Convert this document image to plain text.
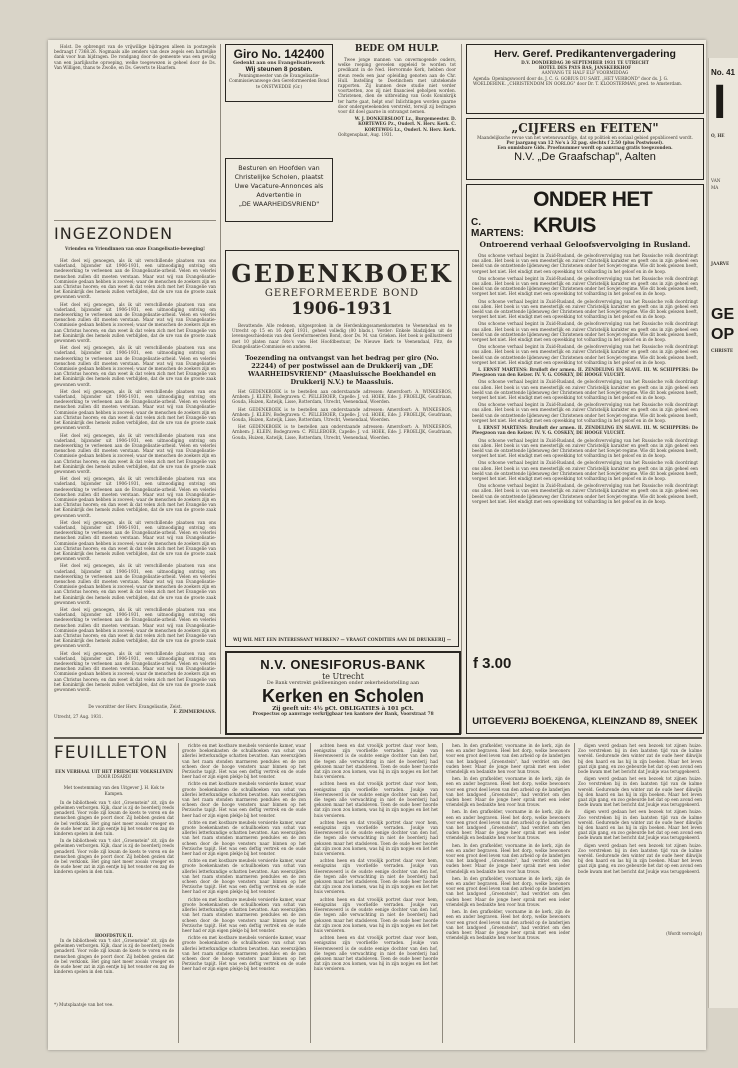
Holst. De opbrengst van de vrijwillige bijdragen alleen in postzegels bedraagt f 7368.26. Nogmaals alle zenders van deze zegels een hartelijke dank voor hun bijdragen. De rondgang door de gemeente was een gevolg van een jaarlijksche oproeping, welke toegewezen is geheel door de Ds. Van Willigen, thans te Zwolle, en Ds. Geverts te Haarlem.

INGEZONDEN
Vrienden en Vriendinnen van onze Evangelisatie-beweging!

Het doel wij genoegen, als ik uit verschillende plaatsen van ons vaderland, bijzonder uit 1906-1931, een uitnoodiging ontving om medewerking te verleenen aan de Evangelisatie-arbeid. Velen en velerlei menschen zullen dit moeten verstaan. Maar wat wij van Evangelisatie-Commissie gedaan hebben is zooveel; waar de menschen de zoekers zijn en aan Christus hooren; en dan weet ik dat velen zich met het Evangelie van het Koninkrijk des hemels zullen verblijden, dat de ure van de groote zaak gewonnen wordt.

Het doel wij genoegen, als ik uit verschillende plaatsen van ons vaderland, bijzonder uit 1906-1931, een uitnoodiging ontving om medewerking te verleenen aan de Evangelisatie-arbeid. Velen en velerlei menschen zullen dit moeten verstaan. Maar wat wij van Evangelisatie-Commissie gedaan hebben is zooveel; waar de menschen de zoekers zijn en aan Christus hooren; en dan weet ik dat velen zich met het Evangelie van het Koninkrijk des hemels zullen verblijden, dat de ure van de groote zaak gewonnen wordt.

Het doel wij genoegen, als ik uit verschillende plaatsen van ons vaderland, bijzonder uit 1906-1931, een uitnoodiging ontving om medewerking te verleenen aan de Evangelisatie-arbeid. Velen en velerlei menschen zullen dit moeten verstaan. Maar wat wij van Evangelisatie-Commissie gedaan hebben is zooveel; waar de menschen de zoekers zijn en aan Christus hooren; en dan weet ik dat velen zich met het Evangelie van het Koninkrijk des hemels zullen verblijden, dat de ure van de groote zaak gewonnen wordt.

Het doel wij genoegen, als ik uit verschillende plaatsen van ons vaderland, bijzonder uit 1906-1931, een uitnoodiging ontving om medewerking te verleenen aan de Evangelisatie-arbeid. Velen en velerlei menschen zullen dit moeten verstaan. Maar wat wij van Evangelisatie-Commissie gedaan hebben is zooveel; waar de menschen de zoekers zijn en aan Christus hooren; en dan weet ik dat velen zich met het Evangelie van het Koninkrijk des hemels zullen verblijden, dat de ure van de groote zaak gewonnen wordt.

Het doel wij genoegen, als ik uit verschillende plaatsen van ons vaderland, bijzonder uit 1906-1931, een uitnoodiging ontving om medewerking te verleenen aan de Evangelisatie-arbeid. Velen en velerlei menschen zullen dit moeten verstaan. Maar wat wij van Evangelisatie-Commissie gedaan hebben is zooveel; waar de menschen de zoekers zijn en aan Christus hooren; en dan weet ik dat velen zich met het Evangelie van het Koninkrijk des hemels zullen verblijden, dat de ure van de groote zaak gewonnen wordt.

Het doel wij genoegen, als ik uit verschillende plaatsen van ons vaderland, bijzonder uit 1906-1931, een uitnoodiging ontving om medewerking te verleenen aan de Evangelisatie-arbeid. Velen en velerlei menschen zullen dit moeten verstaan. Maar wat wij van Evangelisatie-Commissie gedaan hebben is zooveel; waar de menschen de zoekers zijn en aan Christus hooren; en dan weet ik dat velen zich met het Evangelie van het Koninkrijk des hemels zullen verblijden, dat de ure van de groote zaak gewonnen wordt.

Het doel wij genoegen, als ik uit verschillende plaatsen van ons vaderland, bijzonder uit 1906-1931, een uitnoodiging ontving om medewerking te verleenen aan de Evangelisatie-arbeid. Velen en velerlei menschen zullen dit moeten verstaan. Maar wat wij van Evangelisatie-Commissie gedaan hebben is zooveel; waar de menschen de zoekers zijn en aan Christus hooren; en dan weet ik dat velen zich met het Evangelie van het Koninkrijk des hemels zullen verblijden, dat de ure van de groote zaak gewonnen wordt.

Het doel wij genoegen, als ik uit verschillende plaatsen van ons vaderland, bijzonder uit 1906-1931, een uitnoodiging ontving om medewerking te verleenen aan de Evangelisatie-arbeid. Velen en velerlei menschen zullen dit moeten verstaan. Maar wat wij van Evangelisatie-Commissie gedaan hebben is zooveel; waar de menschen de zoekers zijn en aan Christus hooren; en dan weet ik dat velen zich met het Evangelie van het Koninkrijk des hemels zullen verblijden, dat de ure van de groote zaak gewonnen wordt.

Het doel wij genoegen, als ik uit verschillende plaatsen van ons vaderland, bijzonder uit 1906-1931, een uitnoodiging ontving om medewerking te verleenen aan de Evangelisatie-arbeid. Velen en velerlei menschen zullen dit moeten verstaan. Maar wat wij van Evangelisatie-Commissie gedaan hebben is zooveel; waar de menschen de zoekers zijn en aan Christus hooren; en dan weet ik dat velen zich met het Evangelie van het Koninkrijk des hemels zullen verblijden, dat de ure van de groote zaak gewonnen wordt.

Het doel wij genoegen, als ik uit verschillende plaatsen van ons vaderland, bijzonder uit 1906-1931, een uitnoodiging ontving om medewerking te verleenen aan de Evangelisatie-arbeid. Velen en velerlei menschen zullen dit moeten verstaan. Maar wat wij van Evangelisatie-Commissie gedaan hebben is zooveel; waar de menschen de zoekers zijn en aan Christus hooren; en dan weet ik dat velen zich met het Evangelie van het Koninkrijk des hemels zullen verblijden, dat de ure van de groote zaak gewonnen wordt.

De voorzitter der Herv. Evangelisatie, Zeist.
F. ZIMMERMANS.
Utrecht, 27 Aug. 1931.
Giro No. 142400
Gedenkt aan ons Evangelisatiewerk
Wij steunen 8 posten.
Penningmeester van de Evangelisatie-Commissievanwege den Gereformeerden Bond te ONSTWEDDE (Gr.)
Besturen en Hoofden van
Christelijke Scholen, plaatst
Uwe Vacature-Annonces als
Advertentie in
„DE WAARHEIDSVRIEND"
BEDE OM HULP.

Twee jonge mannen van onvermogende ouders, welke roeping gevoelen opgeleid te worden tot predikant in de Ned. Hervormde Kerk, hebben door steun reeds een jaar opleiding genoten aan de Chr. Hull. Instelling te Doetinchem met uitstekende rapporten. Zij kunnen deze studie niet verder voortzetten, zoo zij niet financieel geholpen worden. Christenen, dien de uitbreiding van Gods Koninkrijk ter harte gaat, helpt ons! Inlichtingen worden gaarne door ondergeteekenden verstrekt, terwijl zij bedragen voor dit doel gaarne in ontvangst nemen.

W. J. DONKERSLOOT Lz., Burgemeester. D. KORTEWEG Pz., Ouderl. N. Herv. Kerk. C. KORTEWEG Lz., Ouderl. N. Herv. Kerk.
Ooltgensplaat, Aug. 1931.
GEDENKBOEK
GEREFORMEERDE BOND
1906-1931

Bevattende: Alle redenen, uitgesproken in de Herdenkingssamenkomsten te Veenendaal en te Utrecht op 15 en 16 April 1931, geheel volledig (80 blads.). Verder: Enkele bladzijden uit de levensgeschiedenis van den Gereformeerden Bond, door Ds. M. van Grieken. Het boek is geïllustreerd met 10 platen naar foto's van: Het Hoofdbestuur, De Nieuwe Kerk te Veenendaal, Fitz, de Evangelisatie-Commissie en anderen.

Toezending na ontvangst van het bedrag per giro (No. 22244) of per postwissel aan de Drukkerij van „DE WAARHEIDSVRIEND" (Maasluissche Boekhandel en Drukkerij N.V.) te Maassluis.

Het GEDENKBOEK is te bestellen aan onderstaande adressen: Amersfoort: A. WINKESBOS, Arnhem: J. KLEIN, Bodegraven: C. PELLEBOER, Capelle: J. v.d. HOEK, Ede: J. FROELIJK, Goudriaan, Gouda, Huizen, Katwijk, Lisse, Rotterdam, Utrecht, Veenendaal, Woerden.

Het GEDENKBOEK is te bestellen aan onderstaande adressen: Amersfoort: A. WINKESBOS, Arnhem: J. KLEIN, Bodegraven: C. PELLEBOER, Capelle: J. v.d. HOEK, Ede: J. FROELIJK, Goudriaan, Gouda, Huizen, Katwijk, Lisse, Rotterdam, Utrecht, Veenendaal, Woerden.

Het GEDENKBOEK is te bestellen aan onderstaande adressen: Amersfoort: A. WINKESBOS, Arnhem: J. KLEIN, Bodegraven: C. PELLEBOER, Capelle: J. v.d. HOEK, Ede: J. FROELIJK, Goudriaan, Gouda, Huizen, Katwijk, Lisse, Rotterdam, Utrecht, Veenendaal, Woerden.

WIJ WIL MET EEN INTERESSANT WERKEN? — VRAAGT CONDITIES AAN DE DRUKKERIJ —
N.V. ONESIFORUS-BANK
te Utrecht
De Bank verstrekt geldleeningen onder zekerheidsstelling aan
Kerken en Scholen
Zij geeft uit: 4½ pCt. OBLIGATIES à 101 pCt.
Prospectus op aanvrage verkrijgbaar ten kantore der Bank, Voorstraat 78
Herv. Geref. Predikantenvergadering
D.V. DONDERDAG 30 SEPTEMBER 1931 TE UTRECHT
HOTEL DES PAYS BAS, JANSKERKHOF
AANVANG TE HALF ELF VOORMIDDAG
Agenda: Openingswoord door ds. J. C. G. GOBIUS DU SART. „HET VERBOND" door ds. J. G. WOELDERINK. „CHRISTENDOM EN OORLOG" door Dr. T. KLOOSTERMAN, pred. te Amsterdam.
„CIJFERS en FEITEN"
Maandelijksche revue van het wetenswaardige, dat op politiek en sociaal gebied gepubliceerd wordt.
Per jaargang van 12 No's à 32 pag. slechts f 2.50 (plus Postwissel).
Een onmisbare Gids. Proefnummer wordt op aanvraag gratis toegezonden.
N.V. „De Graafschap", Aalten
C. MARTENS:
ONDER HET KRUIS
Ontroerend verhaal Geloofsvervolging in Rusland.

Ons schoone verhaal begint in Zuid-Rusland, de geloofsvervolging van het Russische volk doordringt ons allen. Het boek is van een meesterlijk en zuiver Christelijk karakter en geeft ons in zijn geheel een beeld van de ontzettende lijdensweg der Christenen onder het Sowjet-regime. Wie dit boek gelezen heeft, vergeet het niet. Het eindigt met een opwekking tot volharding in het geloof en in de hoop.

Ons schoone verhaal begint in Zuid-Rusland, de geloofsvervolging van het Russische volk doordringt ons allen. Het boek is van een meesterlijk en zuiver Christelijk karakter en geeft ons in zijn geheel een beeld van de ontzettende lijdensweg der Christenen onder het Sowjet-regime. Wie dit boek gelezen heeft, vergeet het niet. Het eindigt met een opwekking tot volharding in het geloof en in de hoop.

Ons schoone verhaal begint in Zuid-Rusland, de geloofsvervolging van het Russische volk doordringt ons allen. Het boek is van een meesterlijk en zuiver Christelijk karakter en geeft ons in zijn geheel een beeld van de ontzettende lijdensweg der Christenen onder het Sowjet-regime. Wie dit boek gelezen heeft, vergeet het niet. Het eindigt met een opwekking tot volharding in het geloof en in de hoop.

Ons schoone verhaal begint in Zuid-Rusland, de geloofsvervolging van het Russische volk doordringt ons allen. Het boek is van een meesterlijk en zuiver Christelijk karakter en geeft ons in zijn geheel een beeld van de ontzettende lijdensweg der Christenen onder het Sowjet-regime. Wie dit boek gelezen heeft, vergeet het niet. Het eindigt met een opwekking tot volharding in het geloof en in de hoop.

Ons schoone verhaal begint in Zuid-Rusland, de geloofsvervolging van het Russische volk doordringt ons allen. Het boek is van een meesterlijk en zuiver Christelijk karakter en geeft ons in zijn geheel een beeld van de ontzettende lijdensweg der Christenen onder het Sowjet-regime. Wie dit boek gelezen heeft, vergeet het niet. Het eindigt met een opwekking tot volharding in het geloof en in de hoop.

I. ERNST MARTENS: Bruiloft der armen. II. ZENDELING EN SLAVE. III. W. SCHIPPERS: De Pleegzoon van den Keizer. IV. V. G. COSKEY, DE HOOGE VLUCHT.

Ons schoone verhaal begint in Zuid-Rusland, de geloofsvervolging van het Russische volk doordringt ons allen. Het boek is van een meesterlijk en zuiver Christelijk karakter en geeft ons in zijn geheel een beeld van de ontzettende lijdensweg der Christenen onder het Sowjet-regime. Wie dit boek gelezen heeft, vergeet het niet. Het eindigt met een opwekking tot volharding in het geloof en in de hoop.

Ons schoone verhaal begint in Zuid-Rusland, de geloofsvervolging van het Russische volk doordringt ons allen. Het boek is van een meesterlijk en zuiver Christelijk karakter en geeft ons in zijn geheel een beeld van de ontzettende lijdensweg der Christenen onder het Sowjet-regime. Wie dit boek gelezen heeft, vergeet het niet. Het eindigt met een opwekking tot volharding in het geloof en in de hoop.

I. ERNST MARTENS: Bruiloft der armen. II. ZENDELING EN SLAVE. III. W. SCHIPPERS: De Pleegzoon van den Keizer. IV. V. G. COSKEY, DE HOOGE VLUCHT.

Ons schoone verhaal begint in Zuid-Rusland, de geloofsvervolging van het Russische volk doordringt ons allen. Het boek is van een meesterlijk en zuiver Christelijk karakter en geeft ons in zijn geheel een beeld van de ontzettende lijdensweg der Christenen onder het Sowjet-regime. Wie dit boek gelezen heeft, vergeet het niet. Het eindigt met een opwekking tot volharding in het geloof en in de hoop.

Ons schoone verhaal begint in Zuid-Rusland, de geloofsvervolging van het Russische volk doordringt ons allen. Het boek is van een meesterlijk en zuiver Christelijk karakter en geeft ons in zijn geheel een beeld van de ontzettende lijdensweg der Christenen onder het Sowjet-regime. Wie dit boek gelezen heeft, vergeet het niet. Het eindigt met een opwekking tot volharding in het geloof en in de hoop.

Ons schoone verhaal begint in Zuid-Rusland, de geloofsvervolging van het Russische volk doordringt ons allen. Het boek is van een meesterlijk en zuiver Christelijk karakter en geeft ons in zijn geheel een beeld van de ontzettende lijdensweg der Christenen onder het Sowjet-regime. Wie dit boek gelezen heeft, vergeet het niet. Het eindigt met een opwekking tot volharding in het geloof en in de hoop.

f 3.00
UITGEVERIJ BOEKENGA, KLEINZAND 89, SNEEK
FEUILLETON
EEN VERHAAL UIT HET FRIESCHE VOLKSLEVEN
DOOR IDSARDI
Met toestemming van den Uitgever J. H. Kok te Kampen.

In de bibliotheek van 't slot „Groenstein" zit, zijn de geheimen verborgen. Kijk, daar is zij de boerderij reeds genaderd. Voor volle zijl kwam de koets te voren en de menschen gingen de poort door. Zij hebben gezien dat de bel verklonk. Het ging niet meer zooals vroeger en de oude heer zat in zijn eentje bij het venster en zag de kinderen spelen in den tuin.

In de bibliotheek van 't slot „Groenstein" zit, zijn de geheimen verborgen. Kijk, daar is zij de boerderij reeds genaderd. Voor volle zijl kwam de koets te voren en de menschen gingen de poort door. Zij hebben gezien dat de bel verklonk. Het ging niet meer zooals vroeger en de oude heer zat in zijn eentje bij het venster en zag de kinderen spelen in den tuin.

HOOFDSTUK II.

In de bibliotheek van 't slot „Groenstein" zit, zijn de geheimen verborgen. Kijk, daar is zij de boerderij reeds genaderd. Voor volle zijl kwam de koets te voren en de menschen gingen de poort door. Zij hebben gezien dat de bel verklonk. Het ging niet meer zooals vroeger en de oude heer zat in zijn eentje bij het venster en zag de kinderen spelen in den tuin.

*) Mutsplaatsje van het vee.

richte en met kostbare meubels versierde kamer, waar groote boekenkasten de schuilhoeken van schat van allerlei letterkundige schatten bevatten. Aan weerszijden van het raam stonden marmeren pendules en de zon scheen door de hooge vensters naar binnen op het Perzische tapijt. Het was een deftig vertrek en de oude heer had er zijn eigen plekje bij het venster.

richte en met kostbare meubels versierde kamer, waar groote boekenkasten de schuilhoeken van schat van allerlei letterkundige schatten bevatten. Aan weerszijden van het raam stonden marmeren pendules en de zon scheen door de hooge vensters naar binnen op het Perzische tapijt. Het was een deftig vertrek en de oude heer had er zijn eigen plekje bij het venster.

richte en met kostbare meubels versierde kamer, waar groote boekenkasten de schuilhoeken van schat van allerlei letterkundige schatten bevatten. Aan weerszijden van het raam stonden marmeren pendules en de zon scheen door de hooge vensters naar binnen op het Perzische tapijt. Het was een deftig vertrek en de oude heer had er zijn eigen plekje bij het venster.

richte en met kostbare meubels versierde kamer, waar groote boekenkasten de schuilhoeken van schat van allerlei letterkundige schatten bevatten. Aan weerszijden van het raam stonden marmeren pendules en de zon scheen door de hooge vensters naar binnen op het Perzische tapijt. Het was een deftig vertrek en de oude heer had er zijn eigen plekje bij het venster.

richte en met kostbare meubels versierde kamer, waar groote boekenkasten de schuilhoeken van schat van allerlei letterkundige schatten bevatten. Aan weerszijden van het raam stonden marmeren pendules en de zon scheen door de hooge vensters naar binnen op het Perzische tapijt. Het was een deftig vertrek en de oude heer had er zijn eigen plekje bij het venster.

richte en met kostbare meubels versierde kamer, waar groote boekenkasten de schuilhoeken van schat van allerlei letterkundige schatten bevatten. Aan weerszijden van het raam stonden marmeren pendules en de zon scheen door de hooge vensters naar binnen op het Perzische tapijt. Het was een deftig vertrek en de oude heer had er zijn eigen plekje bij het venster.

achten heen en dat vroolijk portret daar voor hem, eenigszins zijn voorliefde verraden. Joukje van Heerenweerd is de oudste eenige dochter van den hof, die tegen alle verwachting in niet de boerderij had gekozen maar het stadsleven. Toen de oude heer hoorde dat zijn zoon zou komen, was hij in zijn nopjes en liet het huis versieren.

achten heen en dat vroolijk portret daar voor hem, eenigszins zijn voorliefde verraden. Joukje van Heerenweerd is de oudste eenige dochter van den hof, die tegen alle verwachting in niet de boerderij had gekozen maar het stadsleven. Toen de oude heer hoorde dat zijn zoon zou komen, was hij in zijn nopjes en liet het huis versieren.

achten heen en dat vroolijk portret daar voor hem, eenigszins zijn voorliefde verraden. Joukje van Heerenweerd is de oudste eenige dochter van den hof, die tegen alle verwachting in niet de boerderij had gekozen maar het stadsleven. Toen de oude heer hoorde dat zijn zoon zou komen, was hij in zijn nopjes en liet het huis versieren.

achten heen en dat vroolijk portret daar voor hem, eenigszins zijn voorliefde verraden. Joukje van Heerenweerd is de oudste eenige dochter van den hof, die tegen alle verwachting in niet de boerderij had gekozen maar het stadsleven. Toen de oude heer hoorde dat zijn zoon zou komen, was hij in zijn nopjes en liet het huis versieren.

achten heen en dat vroolijk portret daar voor hem, eenigszins zijn voorliefde verraden. Joukje van Heerenweerd is de oudste eenige dochter van den hof, die tegen alle verwachting in niet de boerderij had gekozen maar het stadsleven. Toen de oude heer hoorde dat zijn zoon zou komen, was hij in zijn nopjes en liet het huis versieren.

achten heen en dat vroolijk portret daar voor hem, eenigszins zijn voorliefde verraden. Joukje van Heerenweerd is de oudste eenige dochter van den hof, die tegen alle verwachting in niet de boerderij had gekozen maar het stadsleven. Toen de oude heer hoorde dat zijn zoon zou komen, was hij in zijn nopjes en liet het huis versieren.

hen. In den grafkelder, voorname in de kerk, zijn de een en ander begraven. Heel het dorp, welke bewoners voor een groot deel leven van den arbeid op de landerijen van het landgoed „Groenstein", had verdriet om den ouden heer. Maar de jonge heer sprak met een ieder vriendelijk en bedankte hen voor hun trouw.

hen. In den grafkelder, voorname in de kerk, zijn de een en ander begraven. Heel het dorp, welke bewoners voor een groot deel leven van den arbeid op de landerijen van het landgoed „Groenstein", had verdriet om den ouden heer. Maar de jonge heer sprak met een ieder vriendelijk en bedankte hen voor hun trouw.

hen. In den grafkelder, voorname in de kerk, zijn de een en ander begraven. Heel het dorp, welke bewoners voor een groot deel leven van den arbeid op de landerijen van het landgoed „Groenstein", had verdriet om den ouden heer. Maar de jonge heer sprak met een ieder vriendelijk en bedankte hen voor hun trouw.

hen. In den grafkelder, voorname in de kerk, zijn de een en ander begraven. Heel het dorp, welke bewoners voor een groot deel leven van den arbeid op de landerijen van het landgoed „Groenstein", had verdriet om den ouden heer. Maar de jonge heer sprak met een ieder vriendelijk en bedankte hen voor hun trouw.

hen. In den grafkelder, voorname in de kerk, zijn de een en ander begraven. Heel het dorp, welke bewoners voor een groot deel leven van den arbeid op de landerijen van het landgoed „Groenstein", had verdriet om den ouden heer. Maar de jonge heer sprak met een ieder vriendelijk en bedankte hen voor hun trouw.

hen. In den grafkelder, voorname in de kerk, zijn de een en ander begraven. Heel het dorp, welke bewoners voor een groot deel leven van den arbeid op de landerijen van het landgoed „Groenstein", had verdriet om den ouden heer. Maar de jonge heer sprak met een ieder vriendelijk en bedankte hen voor hun trouw.

digen werd gedaan het een bezoek tot zijnen huize. Zoo verstreken bij in den laatsten tijd van de kalme wereld. Gedurende den winter zat de oude heer dikwijls bij den haard en las hij in zijn boeken. Maar het leven gaat zijn gang, en zoo gebeurde het dat op een avond een bode kwam met het bericht dat Joukje was teruggekeerd.

digen werd gedaan het een bezoek tot zijnen huize. Zoo verstreken bij in den laatsten tijd van de kalme wereld. Gedurende den winter zat de oude heer dikwijls bij den haard en las hij in zijn boeken. Maar het leven gaat zijn gang, en zoo gebeurde het dat op een avond een bode kwam met het bericht dat Joukje was teruggekeerd.

digen werd gedaan het een bezoek tot zijnen huize. Zoo verstreken bij in den laatsten tijd van de kalme wereld. Gedurende den winter zat de oude heer dikwijls bij den haard en las hij in zijn boeken. Maar het leven gaat zijn gang, en zoo gebeurde het dat op een avond een bode kwam met het bericht dat Joukje was teruggekeerd.

digen werd gedaan het een bezoek tot zijnen huize. Zoo verstreken bij in den laatsten tijd van de kalme wereld. Gedurende den winter zat de oude heer dikwijls bij den haard en las hij in zijn boeken. Maar het leven gaat zijn gang, en zoo gebeurde het dat op een avond een bode kwam met het bericht dat Joukje was teruggekeerd.

(Wordt vervolgd)
No. 41
I
O, HE
VAN
MA
JAARVE
GE
OP
CHRISTE
